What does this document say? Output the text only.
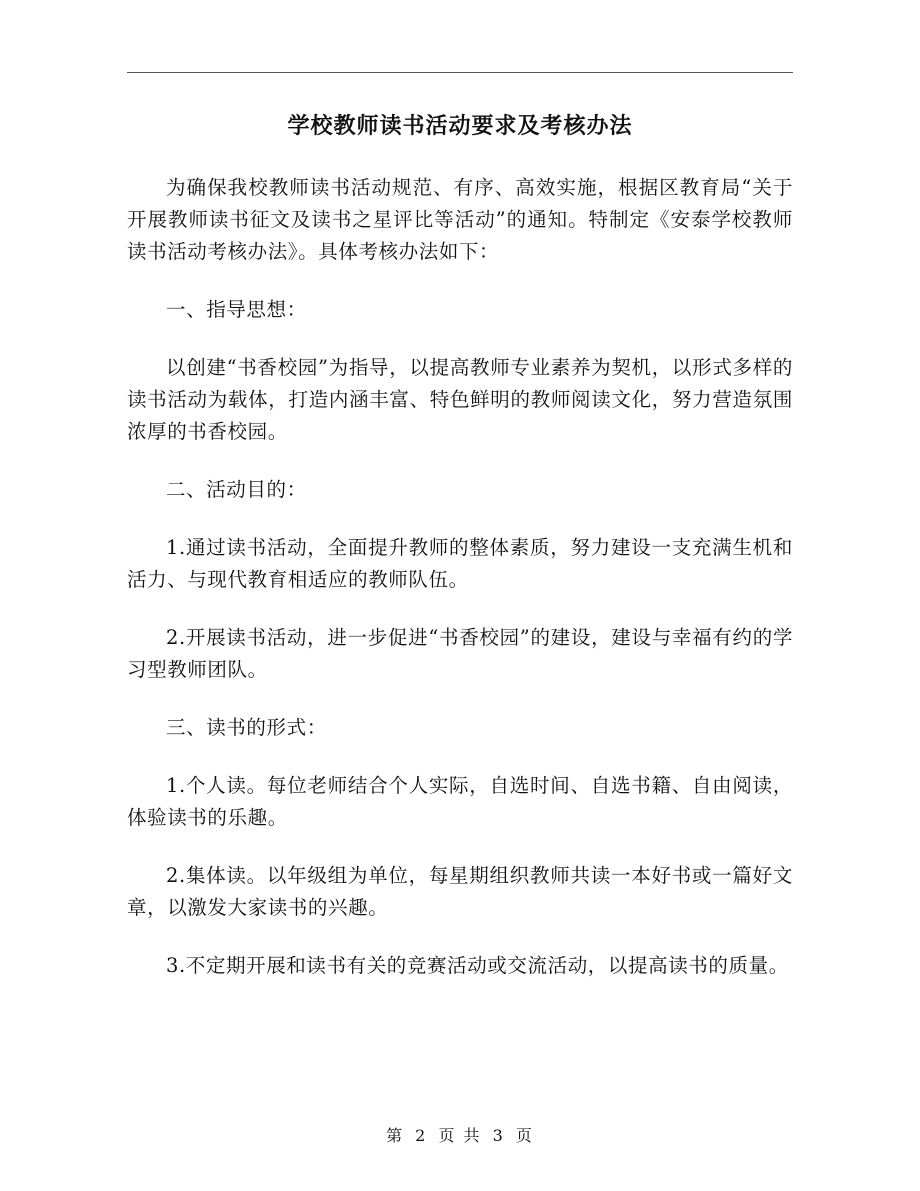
学校教师读书活动要求及考核办法

为确保我校教师读书活动规范、有序、高效实施，根据区教育局“关于开展教师读书征文及读书之星评比等活动”的通知。特制定《安泰学校教师读书活动考核办法》。具体考核办法如下：

一、指导思想：

以创建“书香校园”为指导，以提高教师专业素养为契机，以形式多样的读书活动为载体，打造内涵丰富、特色鲜明的教师阅读文化，努力营造氛围浓厚的书香校园。

二、活动目的：

1.通过读书活动，全面提升教师的整体素质，努力建设一支充满生机和活力、与现代教育相适应的教师队伍。

2.开展读书活动，进一步促进“书香校园”的建设，建设与幸福有约的学习型教师团队。

三、读书的形式：

1.个人读。每位老师结合个人实际，自选时间、自选书籍、自由阅读，体验读书的乐趣。

2.集体读。以年级组为单位，每星期组织教师共读一本好书或一篇好文章，以激发大家读书的兴趣。

3.不定期开展和读书有关的竞赛活动或交流活动，以提高读书的质量。

第 2 页 共 3 页
